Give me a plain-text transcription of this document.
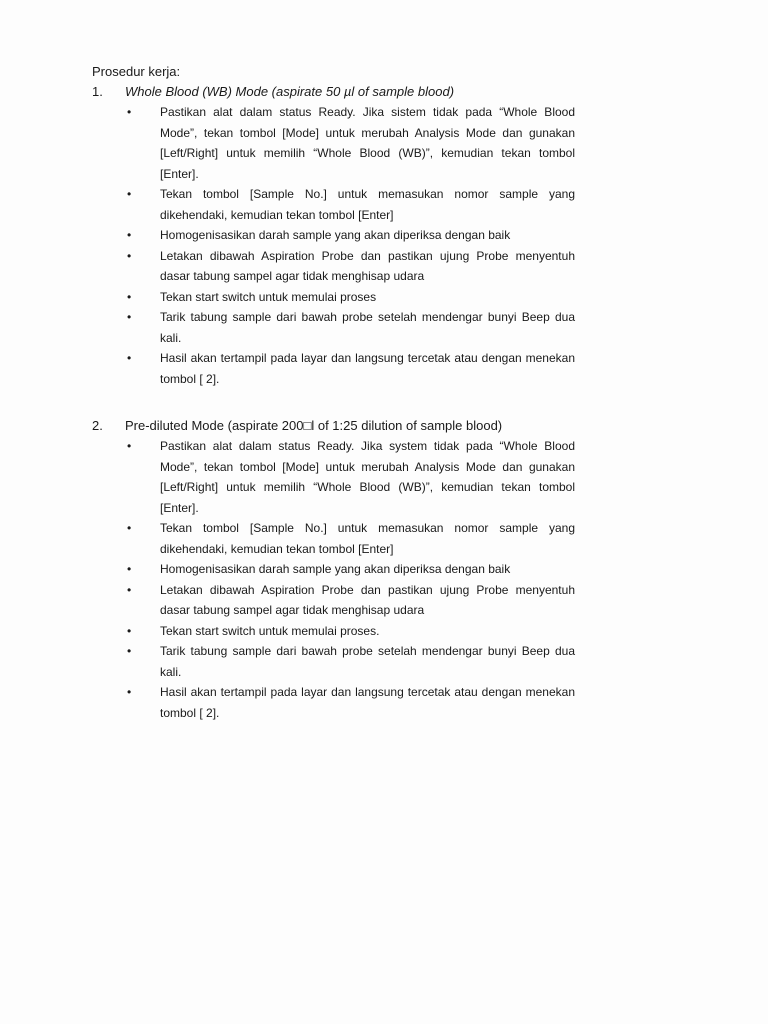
Prosedur kerja:
1. Whole Blood (WB) Mode (aspirate 50 µl of sample blood)
• Pastikan alat dalam status Ready. Jika sistem tidak pada “Whole Blood Mode”, tekan tombol [Mode] untuk merubah Analysis Mode dan gunakan [Left/Right] untuk memilih “Whole Blood (WB)”, kemudian tekan tombol [Enter].
• Tekan tombol [Sample No.] untuk memasukan nomor sample yang dikehendaki, kemudian tekan tombol [Enter]
• Homogenisasikan darah sample yang akan diperiksa dengan baik
• Letakan dibawah Aspiration Probe dan pastikan ujung Probe menyentuh dasar tabung sampel agar tidak menghisap udara
• Tekan start switch untuk memulai proses
• Tarik tabung sample dari bawah probe setelah mendengar bunyi Beep dua kali.
• Hasil akan tertampil pada layar dan langsung tercetak atau dengan menekan tombol [ 2].
2. Pre-diluted Mode (aspirate 200□l of 1:25 dilution of sample blood)
• Pastikan alat dalam status Ready. Jika system tidak pada “Whole Blood Mode”, tekan tombol [Mode] untuk merubah Analysis Mode dan gunakan [Left/Right] untuk memilih “Whole Blood (WB)”, kemudian tekan tombol [Enter].
• Tekan tombol [Sample No.] untuk memasukan nomor sample yang dikehendaki, kemudian tekan tombol [Enter]
• Homogenisasikan darah sample yang akan diperiksa dengan baik
• Letakan dibawah Aspiration Probe dan pastikan ujung Probe menyentuh dasar tabung sampel agar tidak menghisap udara
• Tekan start switch untuk memulai proses.
• Tarik tabung sample dari bawah probe setelah mendengar bunyi Beep dua kali.
• Hasil akan tertampil pada layar dan langsung tercetak atau dengan menekan tombol [ 2].
